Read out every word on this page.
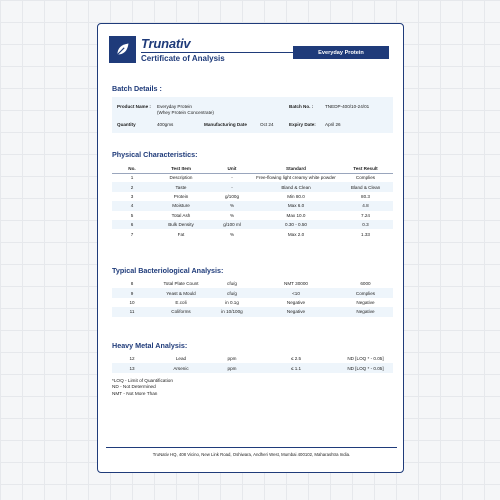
Trunativ
Certificate of Analysis
Everyday Protein
Batch Details :
Product Name : Everyday Protein
(Whey Protein Concentrate)
Batch No. :	TNEDP-400/10-24/01
Quantity	400gms	Manufacturing Date	Oct 24	Expiry Date: April 26
Physical Characteristics:
No.	Test Item	Unit	Standard	Test Result
1	Description	-	Free-flowing light creamy white powder	Complies
2	Taste	-	Bland & Clean	Bland & Clean
3	Protein	g/100g	Min 80.0	80.3
4	Moisture	%	Max 6.0	4.8
5	Total Ash	%	Max 10.0	7.24
6	Bulk Density	g/100 ml	0.30 - 0.50	0.3
7	Fat	%	Max 2.0	1.33
Typical Bacteriological Analysis:
8	Total Plate Count	cfu/g	NMT 30000	6000
9	Yeast & Mould	cfu/g	<10	Complies
10	E.coli	in 0.1g	Negative	Negative
11	Coliforms	in 10/100g	Negative	Negative
Heavy Metal Analysis:
12	Lead	ppm	≤ 2.5	ND [LOQ * - 0.05]
13	Arsenic	ppm	≤ 1.1	ND [LOQ * - 0.05]
*LOQ - Limit of Quantification
ND - Not Determined
NMT - Not More Than
TruNativ HQ, 408 Vicino, New Link Road, Oshiwara, Andheri West, Mumbai 400102, Maharashtra India.
